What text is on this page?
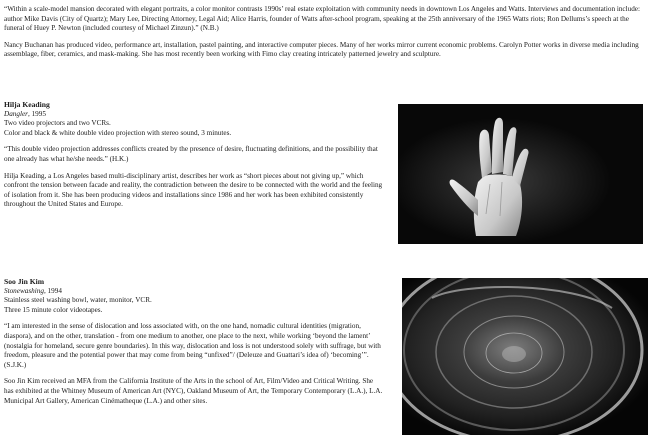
“Within a scale-model mansion decorated with elegant portraits, a color monitor contrasts 1990s’ real estate exploitation with community needs in downtown Los Angeles and Watts. Interviews and documentation include: author Mike Davis (City of Quartz); Mary Lee, Directing Attorney, Legal Aid; Alice Harris, founder of Watts after-school program, speaking at the 25th anniversary of the 1965 Watts riots; Ron Dellums’s speech at the funeral of Huey P. Newton (included courtesy of Michael Zinzun).” (N.B.)

Nancy Buchanan has produced video, performance art, installation, pastel painting, and interactive computer pieces. Many of her works mirror current economic problems. Carolyn Potter works in diverse media including assemblage, fiber, ceramics, and mask-making. She has most recently been working with Fimo clay creating intricately patterned jewelry and sculpture.

Hilja Keading

Dangler, 1995

Two video projectors and two VCRs.

Color and black & white double video projection with stereo sound, 3 minutes.

“This double video projection addresses conflicts created by the presence of desire, fluctuating definitions, and the possibility that one already has what he/she needs.” (H.K.)

Hilja Keading, a Los Angeles based multi-disciplinary artist, describes her work as “short pieces about not giving up,” which confront the tension between facade and reality, the contradiction between the desire to be connected with the world and the feeling of isolation from it. She has been producing videos and installations since 1986 and her work has been exhibited consistently throughout the United States and Europe.

Soo Jin Kim

Stonewashing, 1994

Stainless steel washing bowl, water, monitor, VCR.

Three 15 minute color videotapes.

“I am interested in the sense of dislocation and loss associated with, on the one hand, nomadic cultural identities (migration, diaspora), and on the other, translation - from one medium to another, one place to the next, while working ‘beyond the lament’ (nostalgia for homeland, secure genre boundaries). In this way, dislocation and loss is not understood solely with suffrage, but with freedom, pleasure and the potential power that may come from being “unfixed”/ (Deleuze and Guattari’s idea of) ‘becoming’”. (S.J.K.)

Soo Jin Kim received an MFA from the California Institute of the Arts in the school of Art, Film/Video and Critical Writing. She has exhibited at the Whitney Museum of American Art (NYC), Oakland Museum of Art, the Temporary Contemporary (L.A.), L.A. Municipal Art Gallery, American Cinématheque (L.A.) and other sites.
